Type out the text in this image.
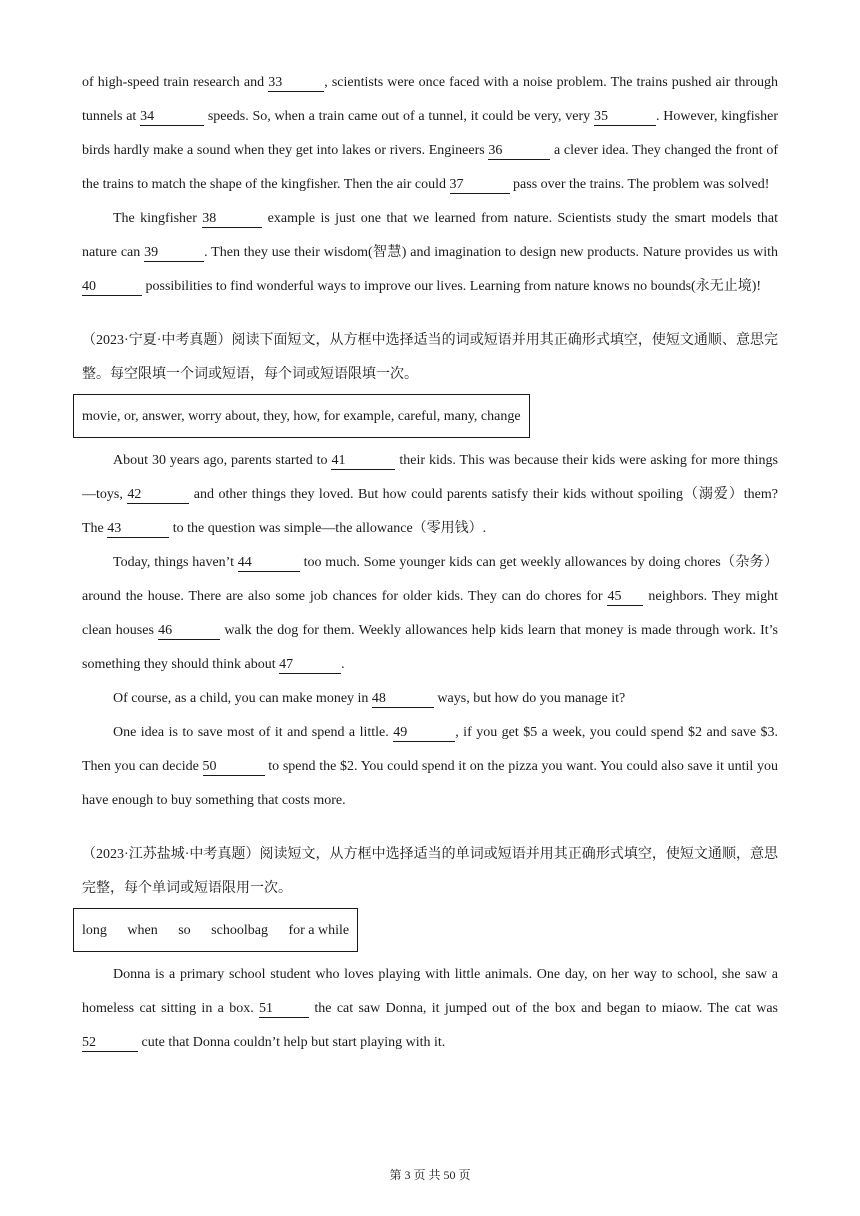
of high-speed train research and 33	, scientists were once faced with a noise problem. The trains pushed air through tunnels at 34	speeds. So, when a train came out of a tunnel, it could be very, very 35	. However, kingfisher birds hardly make a sound when they get into lakes or rivers. Engineers 36	a clever idea. They changed the front of the trains to match the shape of the kingfisher. Then the air could 37	pass over the trains. The problem was solved!

The kingfisher 38	example is just one that we learned from nature. Scientists study the smart models that nature can 39	. Then they use their wisdom(智慧) and imagination to design new products. Nature provides us with 40	possibilities to find wonderful ways to improve our lives. Learning from nature knows no bounds(永无止境)!

（2023·宁夏·中考真题）阅读下面短文，从方框中选择适当的词或短语并用其正确形式填空，使短文通顺、意思完整。每空限填一个词或短语，每个词或短语限填一次。

movie, or, answer, worry about, they, how, for example, careful, many, change

About 30 years ago, parents started to 41	their kids. This was because their kids were asking for more things—toys, 42	and other things they loved. But how could parents satisfy their kids without spoiling（溺爱）them? The 43	to the question was simple—the allowance（零用钱）.

Today, things haven’t 44	too much. Some younger kids can get weekly allowances by doing chores（杂务）around the house. There are also some job chances for older kids. They can do chores for 45 neighbors. They might clean houses 46	walk the dog for them. Weekly allowances help kids learn that money is made through work. It’s something they should think about 47	.

Of course, as a child, you can make money in 48	ways, but how do you manage it?

One idea is to save most of it and spend a little. 49	, if you get $5 a week, you could spend $2 and save $3. Then you can decide 50	to spend the $2. You could spend it on the pizza you want. You could also save it until you have enough to buy something that costs more.

（2023·江苏盐城·中考真题）阅读短文，从方框中选择适当的单词或短语并用其正确形式填空，使短文通顺，意思完整，每个单词或短语限用一次。

long when so schoolbag for a while

Donna is a primary school student who loves playing with little animals. One day, on her way to school, she saw a homeless cat sitting in a box. 51	the cat saw Donna, it jumped out of the box and began to miaow. The cat was 52	cute that Donna couldn’t help but start playing with it.

第 3 页 共 50 页
